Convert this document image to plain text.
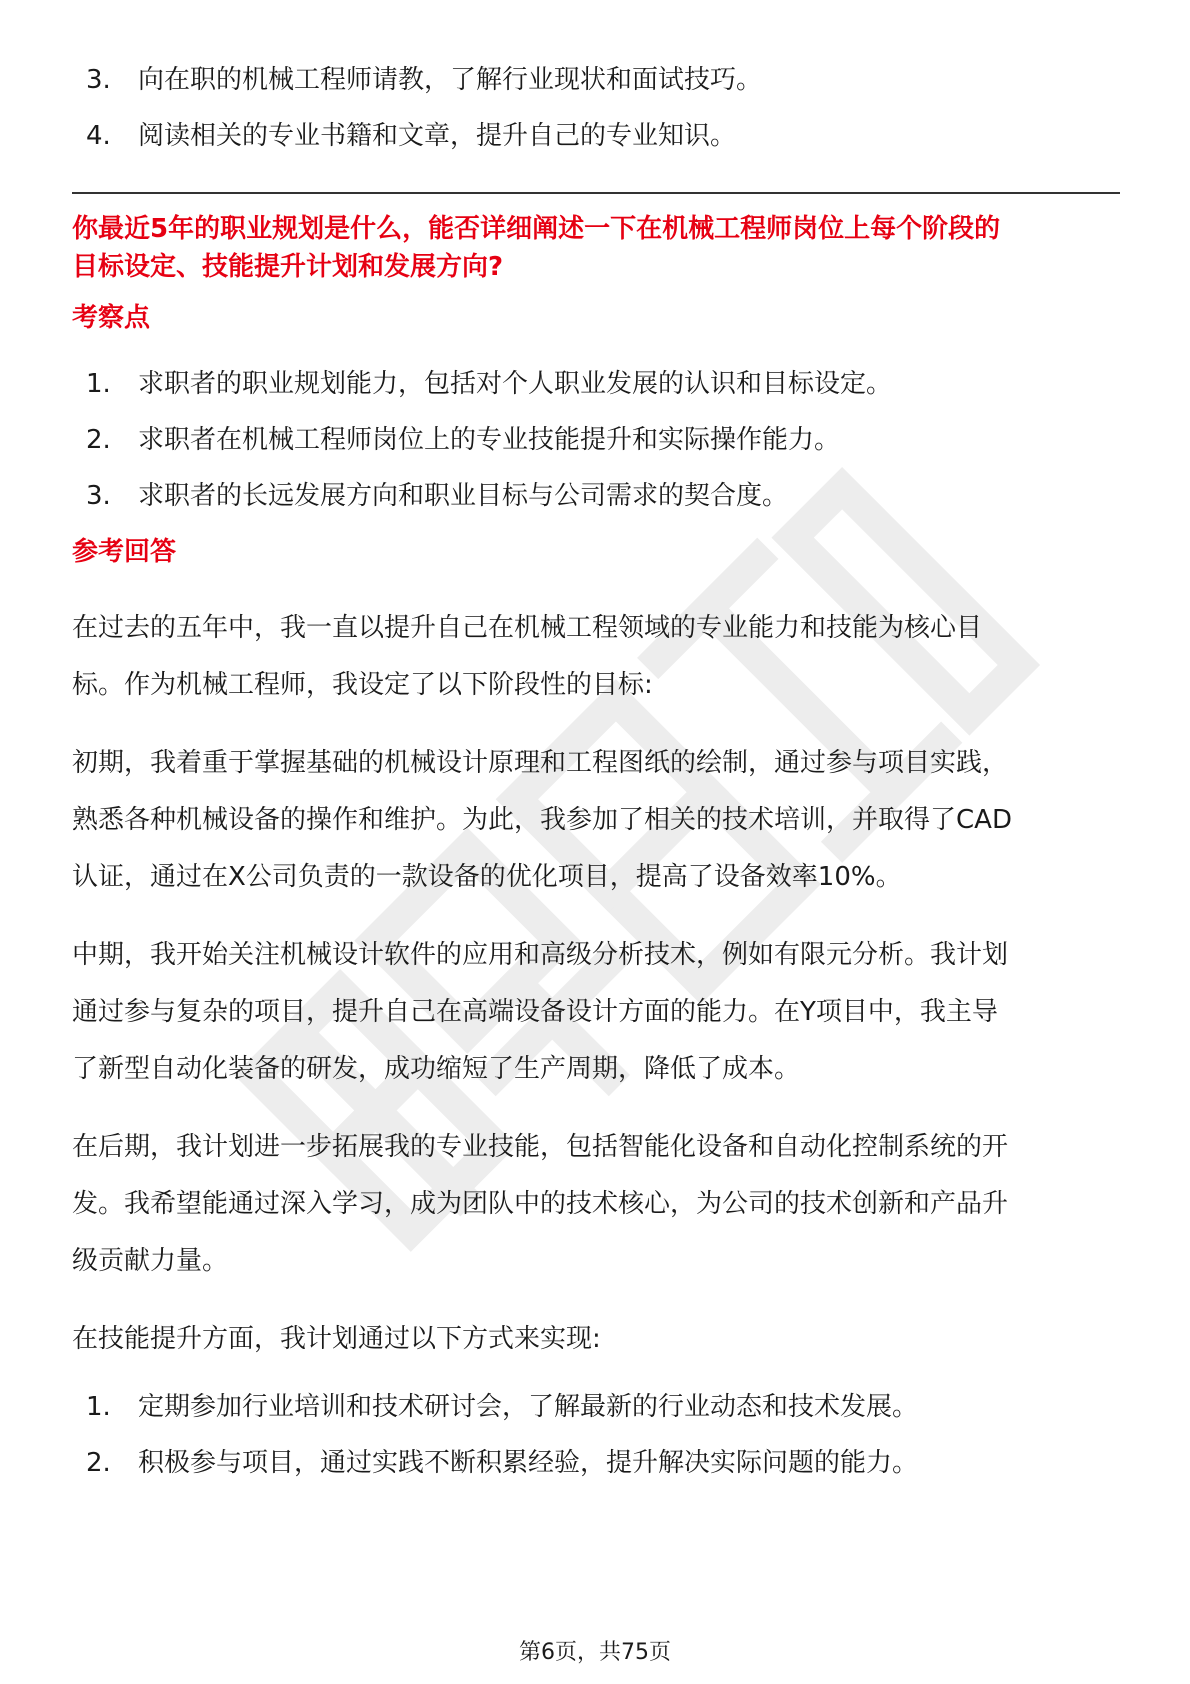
3.	向在职的机械工程师请教，了解行业现状和面试技巧。
4.	阅读相关的专业书籍和文章，提升自己的专业知识。
你最近5年的职业规划是什么，能否详细阐述一下在机械工程师岗位上每个阶段的
目标设定、技能提升计划和发展方向?
考察点
1.	求职者的职业规划能力，包括对个人职业发展的认识和目标设定。
2.	求职者在机械工程师岗位上的专业技能提升和实际操作能力。
3.	求职者的长远发展方向和职业目标与公司需求的契合度。
参考回答
在过去的五年中，我一直以提升自己在机械工程领域的专业能力和技能为核心目
标。作为机械工程师，我设定了以下阶段性的目标:
初期，我着重于掌握基础的机械设计原理和工程图纸的绘制，通过参与项目实践，
熟悉各种机械设备的操作和维护。为此，我参加了相关的技术培训，并取得了CAD
认证，通过在X公司负责的一款设备的优化项目，提高了设备效率10%。
中期，我开始关注机械设计软件的应用和高级分析技术，例如有限元分析。我计划
通过参与复杂的项目，提升自己在高端设备设计方面的能力。在Y项目中，我主导
了新型自动化装备的研发，成功缩短了生产周期，降低了成本。
在后期，我计划进一步拓展我的专业技能，包括智能化设备和自动化控制系统的开
发。我希望能通过深入学习，成为团队中的技术核心，为公司的技术创新和产品升
级贡献力量。
在技能提升方面，我计划通过以下方式来实现:
1.	定期参加行业培训和技术研讨会，了解最新的行业动态和技术发展。
2.	积极参与项目，通过实践不断积累经验，提升解决实际问题的能力。
第6页，共75页
